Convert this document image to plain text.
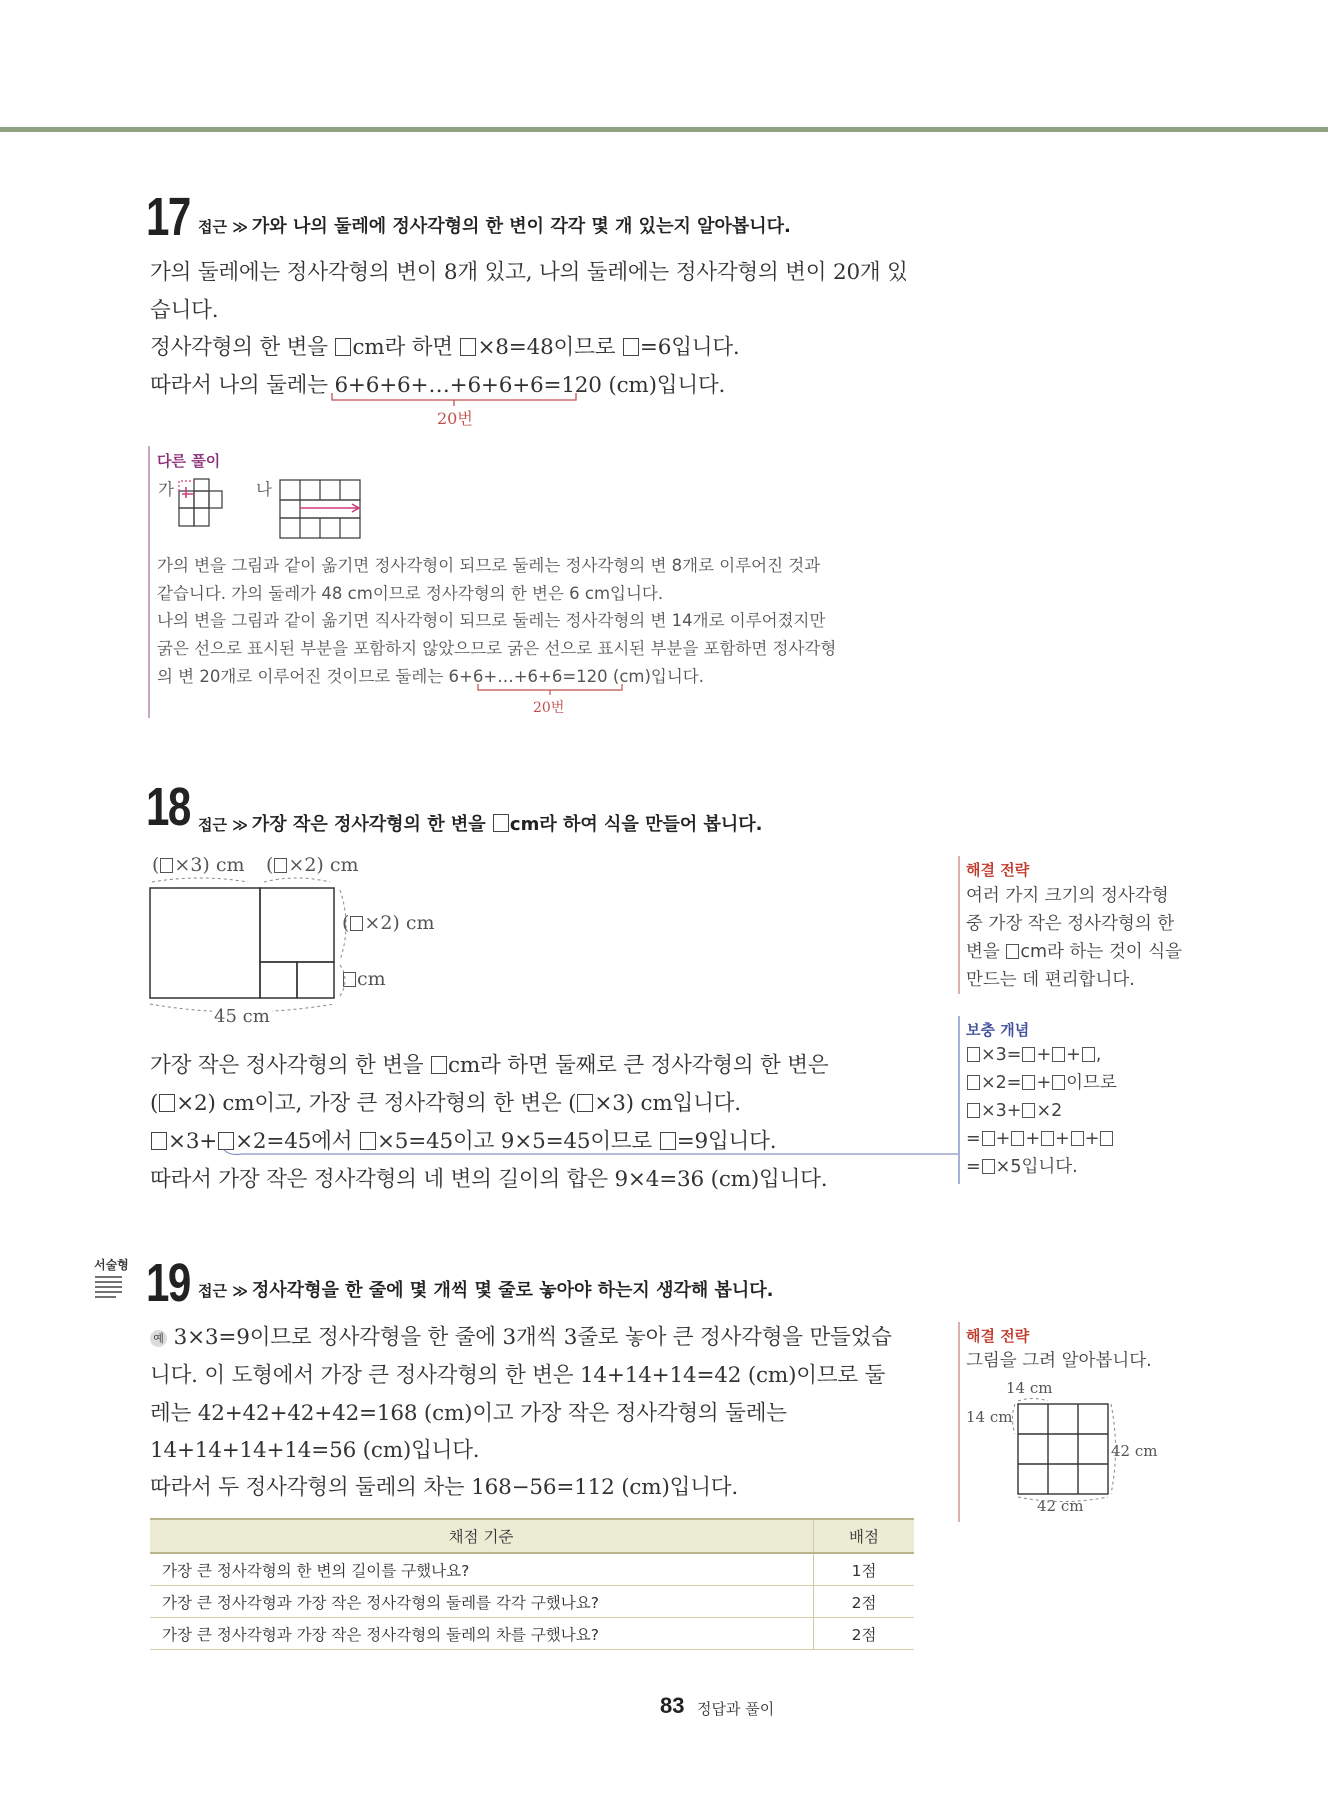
17 접근 ≫ 가와 나의 둘레에 정사각형의 한 변이 각각 몇 개 있는지 알아봅니다.
가의 둘레에는 정사각형의 변이 8개 있고, 나의 둘레에는 정사각형의 변이 20개 있
습니다.
정사각형의 한 변을 cm라 하면 ×8=48이므로 =6입니다.
따라서 나의 둘레는 6+6+6+…+6+6+6=120 (cm)입니다.
20번
다른 풀이
가	나
가의 변을 그림과 같이 옮기면 정사각형이 되므로 둘레는 정사각형의 변 8개로 이루어진 것과
같습니다. 가의 둘레가 48 cm이므로 정사각형의 한 변은 6 cm입니다.
나의 변을 그림과 같이 옮기면 직사각형이 되므로 둘레는 정사각형의 변 14개로 이루어졌지만
굵은 선으로 표시된 부분을 포함하지 않았으므로 굵은 선으로 표시된 부분을 포함하면 정사각형
의 변 20개로 이루어진 것이므로 둘레는 6+6+…+6+6=120 (cm)입니다.
20번
18 접근 ≫ 가장 작은 정사각형의 한 변을 cm라 하여 식을 만들어 봅니다.
( ×3) cm ( ×2) cm
( ×2) cm
cm
45 cm
가장 작은 정사각형의 한 변을 cm라 하면 둘째로 큰 정사각형의 한 변은
( ×2) cm이고, 가장 큰 정사각형의 한 변은 ( ×3) cm입니다.
×3+ ×2=45에서 ×5=45이고 9×5=45이므로 =9입니다.
따라서 가장 작은 정사각형의 네 변의 길이의 합은 9×4=36 (cm)입니다.
해결 전략
여러 가지 크기의 정사각형
중 가장 작은 정사각형의 한
변을 cm라 하는 것이 식을
만드는 데 편리합니다.
보충 개념
×3= + + ,
×2= + 이므로
×3+ ×2
= + + + +
= ×5입니다.
서술형 19 접근 ≫ 정사각형을 한 줄에 몇 개씩 몇 줄로 놓아야 하는지 생각해 봅니다.
예 3×3=9이므로 정사각형을 한 줄에 3개씩 3줄로 놓아 큰 정사각형을 만들었습
니다. 이 도형에서 가장 큰 정사각형의 한 변은 14+14+14=42 (cm)이므로 둘
레는 42+42+42+42=168 (cm)이고 가장 작은 정사각형의 둘레는
14+14+14+14=56 (cm)입니다.
따라서 두 정사각형의 둘레의 차는 168−56=112 (cm)입니다.
해결 전략
그림을 그려 알아봅니다.
14 cm
14 cm
42 cm
42 cm
채점 기준	배점
가장 큰 정사각형의 한 변의 길이를 구했나요?	1점
가장 큰 정사각형과 가장 작은 정사각형의 둘레를 각각 구했나요?	2점
가장 큰 정사각형과 가장 작은 정사각형의 둘레의 차를 구했나요?	2점
83 정답과 풀이
